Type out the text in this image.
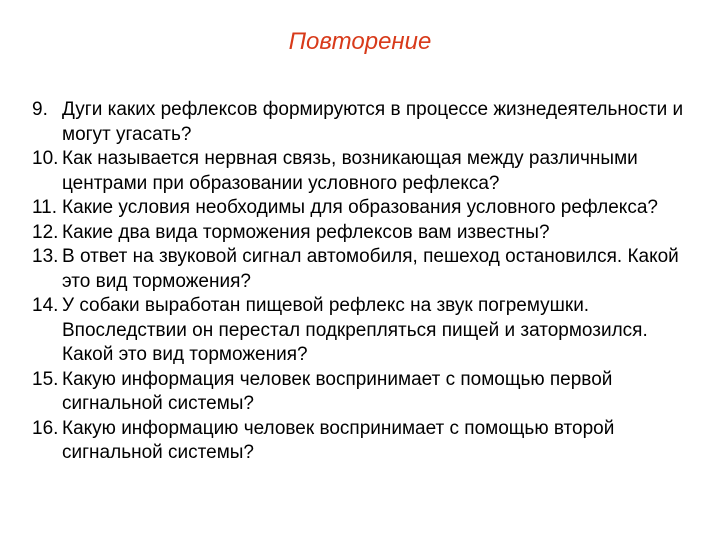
Повторение
9. Дуги каких рефлексов формируются в процессе жизнедеятельности и могут угасать?
10. Как называется нервная связь, возникающая между различными центрами при образовании условного рефлекса?
11. Какие условия необходимы для образования условного рефлекса?
12. Какие два вида торможения рефлексов вам известны?
13. В ответ на звуковой сигнал автомобиля, пешеход остановился. Какой это вид торможения?
14. У собаки выработан пищевой рефлекс на звук погремушки. Впоследствии он перестал подкрепляться пищей и затормозился. Какой это вид торможения?
15. Какую информация человек воспринимает с помощью первой сигнальной системы?
16. Какую информацию человек воспринимает с помощью второй сигнальной системы?
